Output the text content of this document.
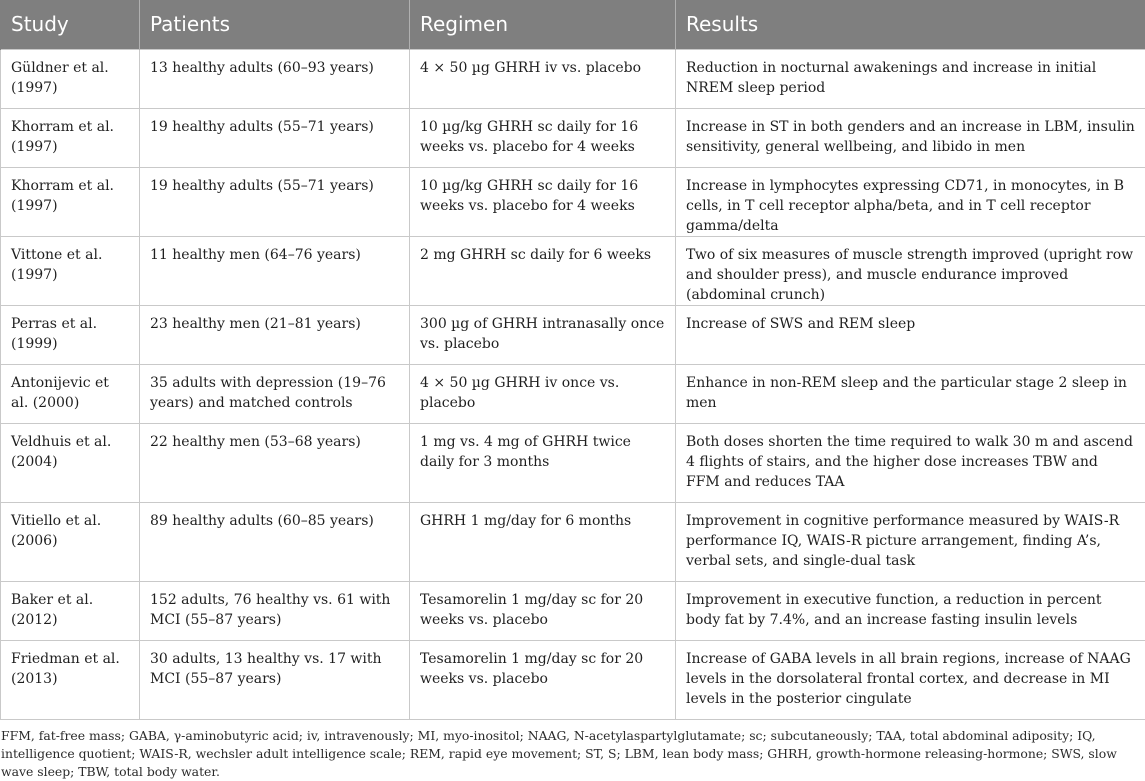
Study	Patients	Regimen	Results
Güldner et al. (1997)	13 healthy adults (60–93 years)	4 × 50 µg GHRH iv vs. placebo	Reduction in nocturnal awakenings and increase in initial NREM sleep period
Khorram et al. (1997)	19 healthy adults (55–71 years)	10 µg/kg GHRH sc daily for 16 weeks vs. placebo for 4 weeks	Increase in ST in both genders and an increase in LBM, insulin sensitivity, general wellbeing, and libido in men
Khorram et al. (1997)	19 healthy adults (55–71 years)	10 µg/kg GHRH sc daily for 16 weeks vs. placebo for 4 weeks	Increase in lymphocytes expressing CD71, in monocytes, in B cells, in T cell receptor alpha/beta, and in T cell receptor gamma/delta
Vittone et al. (1997)	11 healthy men (64–76 years)	2 mg GHRH sc daily for 6 weeks	Two of six measures of muscle strength improved (upright row and shoulder press), and muscle endurance improved (abdominal crunch)
Perras et al. (1999)	23 healthy men (21–81 years)	300 µg of GHRH intranasally once vs. placebo	Increase of SWS and REM sleep
Antonijevic et al. (2000)	35 adults with depression (19–76 years) and matched controls	4 × 50 µg GHRH iv once vs. placebo	Enhance in non-REM sleep and the particular stage 2 sleep in men
Veldhuis et al. (2004)	22 healthy men (53–68 years)	1 mg vs. 4 mg of GHRH twice daily for 3 months	Both doses shorten the time required to walk 30 m and ascend 4 flights of stairs, and the higher dose increases TBW and FFM and reduces TAA
Vitiello et al. (2006)	89 healthy adults (60–85 years)	GHRH 1 mg/day for 6 months	Improvement in cognitive performance measured by WAIS-R performance IQ, WAIS-R picture arrangement, finding A’s, verbal sets, and single-dual task
Baker et al. (2012)	152 adults, 76 healthy vs. 61 with MCI (55–87 years)	Tesamorelin 1 mg/day sc for 20 weeks vs. placebo	Improvement in executive function, a reduction in percent body fat by 7.4%, and an increase fasting insulin levels
Friedman et al. (2013)	30 adults, 13 healthy vs. 17 with MCI (55–87 years)	Tesamorelin 1 mg/day sc for 20 weeks vs. placebo	Increase of GABA levels in all brain regions, increase of NAAG levels in the dorsolateral frontal cortex, and decrease in MI levels in the posterior cingulate
FFM, fat-free mass; GABA, γ-aminobutyric acid; iv, intravenously; MI, myo-inositol; NAAG, N-acetylaspartylglutamate; sc; subcutaneously; TAA, total abdominal adiposity; IQ, intelligence quotient; WAIS-R, wechsler adult intelligence scale; REM, rapid eye movement; ST, S; LBM, lean body mass; GHRH, growth-hormone releasing-hormone; SWS, slow wave sleep; TBW, total body water.
